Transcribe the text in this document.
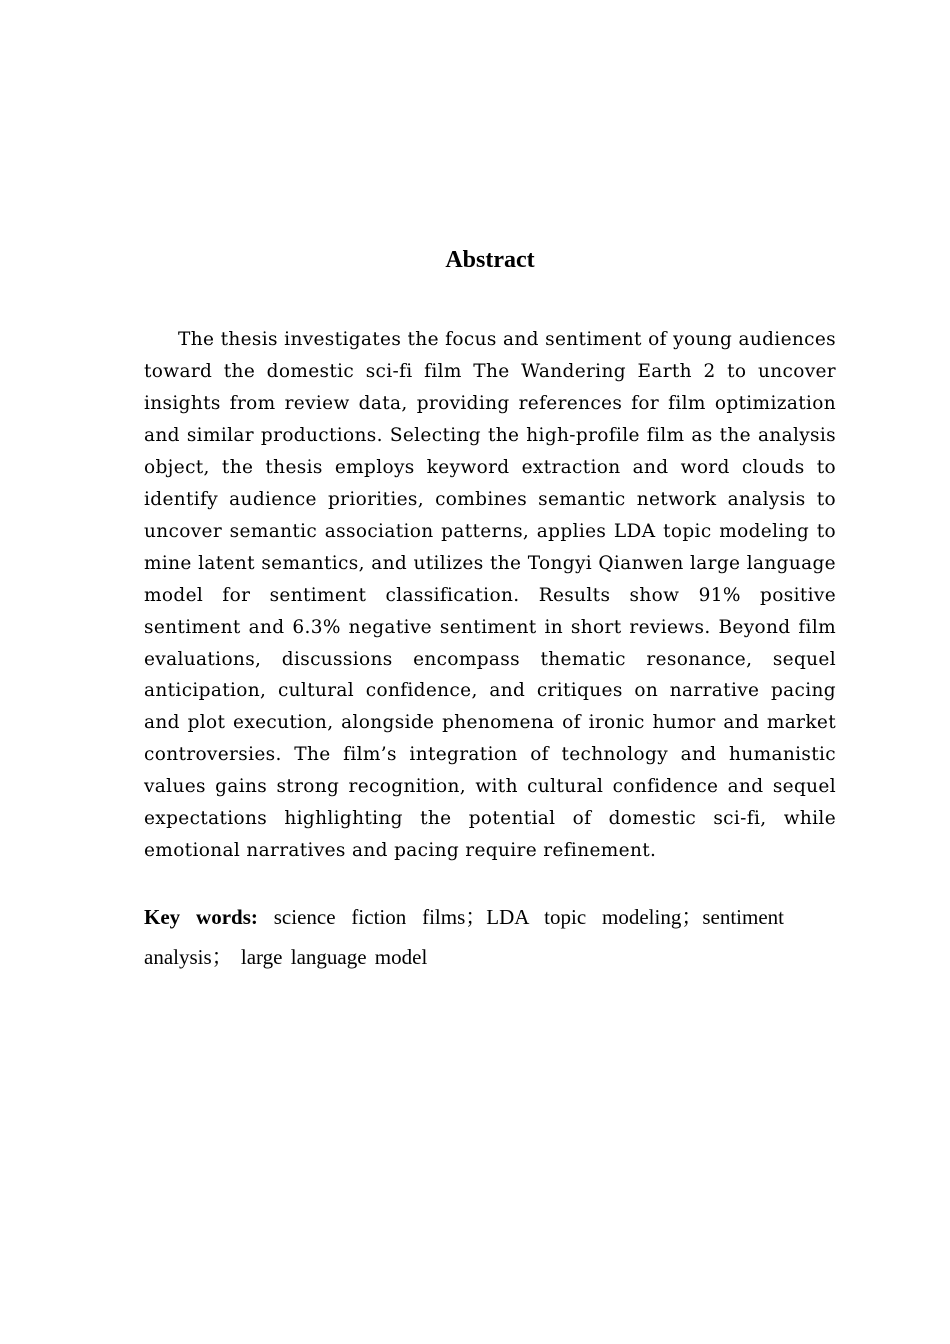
Abstract

The thesis investigates the focus and sentiment of young audiences toward the domestic sci-fi film The Wandering Earth 2 to uncover insights from review data, providing references for film optimization and similar productions. Selecting the high-profile film as the analysis object, the thesis employs keyword extraction and word clouds to identify audience priorities, combines semantic network analysis to uncover semantic association patterns, applies LDA topic modeling to mine latent semantics, and utilizes the Tongyi Qianwen large language model for sentiment classification. Results show 91% positive sentiment and 6.3% negative sentiment in short reviews. Beyond film evaluations, discussions encompass thematic resonance, sequel anticipation, cultural confidence, and critiques on narrative pacing and plot execution, alongside phenomena of ironic humor and market controversies. The film’s integration of technology and humanistic values gains strong recognition, with cultural confidence and sequel expectations highlighting the potential of domestic sci-fi, while emotional narratives and pacing require refinement.

Key words: science fiction films；LDA topic modeling；sentiment analysis； large language model
